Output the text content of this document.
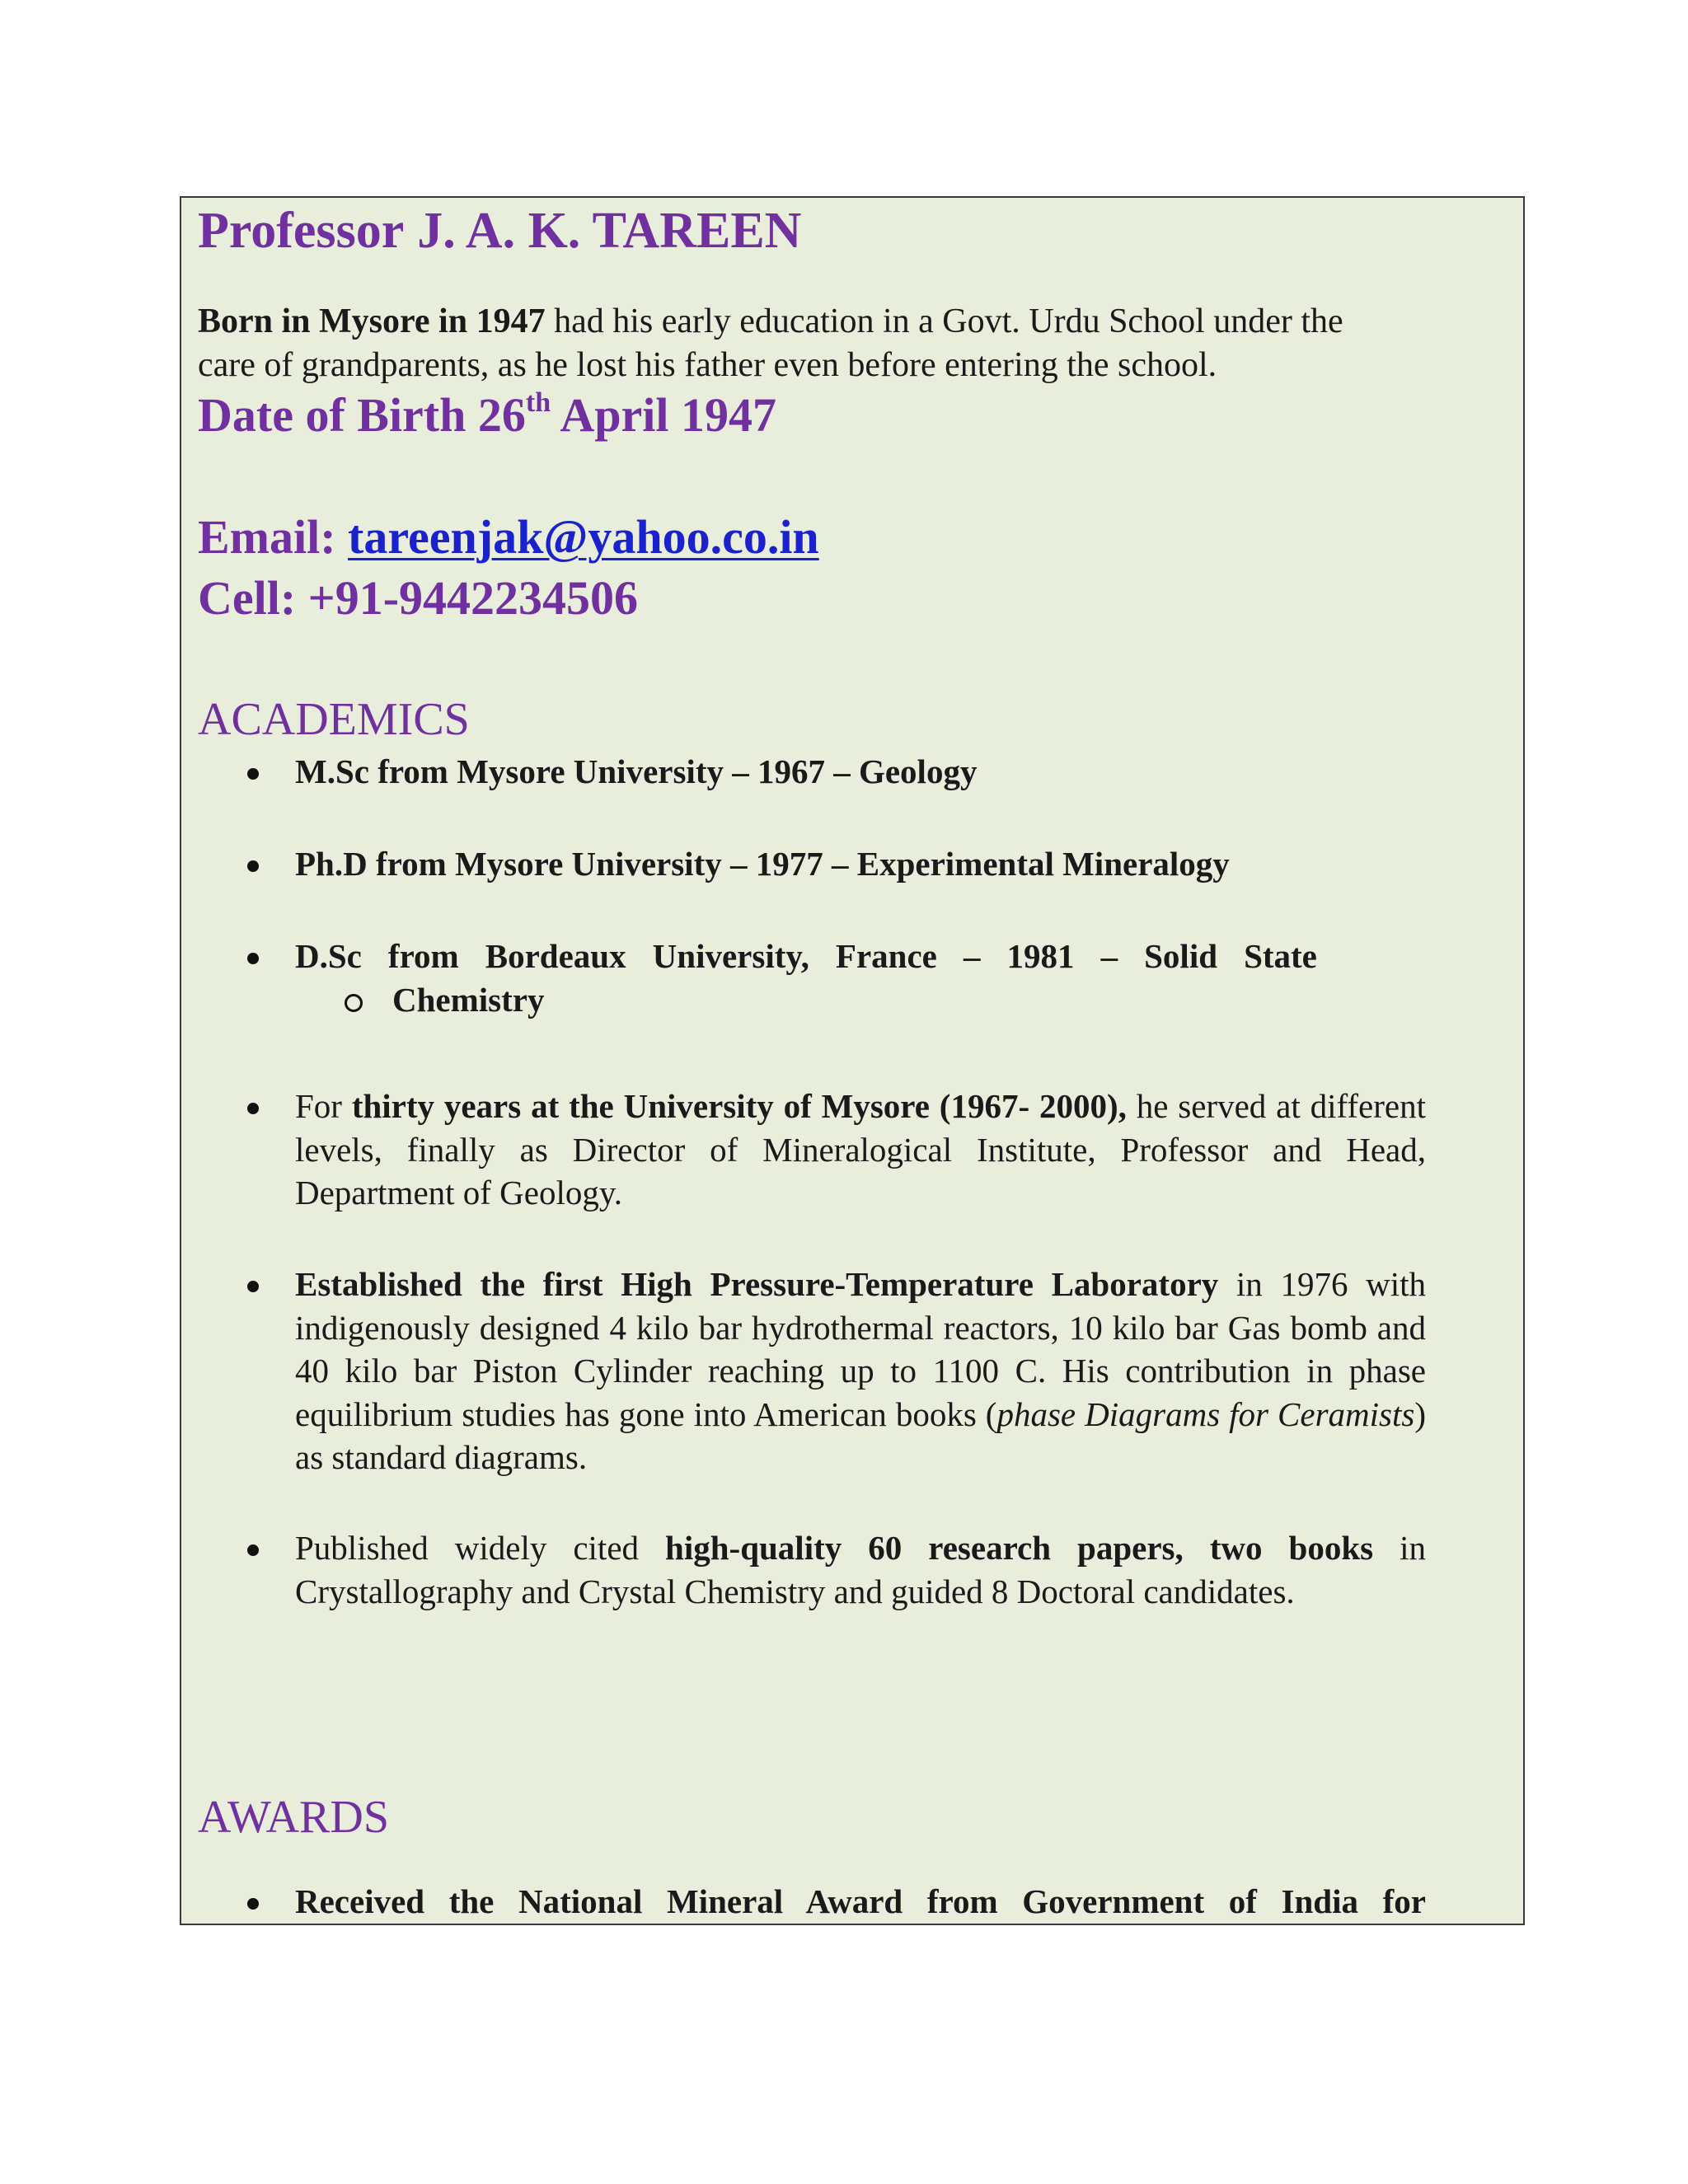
Professor J. A. K. TAREEN
Born in Mysore in 1947 had his early education in a Govt. Urdu School under the
care of grandparents, as he lost his father even before entering the school.
Date of Birth 26th April 1947
Email: tareenjak@yahoo.co.in
Cell: +91-9442234506
ACADEMICS
M.Sc from Mysore University – 1967 – Geology
Ph.D from Mysore University – 1977 – Experimental Mineralogy
D.Sc from Bordeaux University, France – 1981 – Solid State
Chemistry
For thirty years at the University of Mysore (1967- 2000), he served at different levels, finally as Director of Mineralogical Institute, Professor and Head, Department of Geology.
Established the first High Pressure-Temperature Laboratory in 1976 with indigenously designed 4 kilo bar hydrothermal reactors, 10 kilo bar Gas bomb and 40 kilo bar Piston Cylinder reaching up to 1100 C. His contribution in phase equilibrium studies has gone into American books (phase Diagrams for Ceramists) as standard diagrams.
Published widely cited high-quality 60 research papers, two books in Crystallography and Crystal Chemistry and guided 8 Doctoral candidates.
AWARDS
Received the National Mineral Award from Government of India for
